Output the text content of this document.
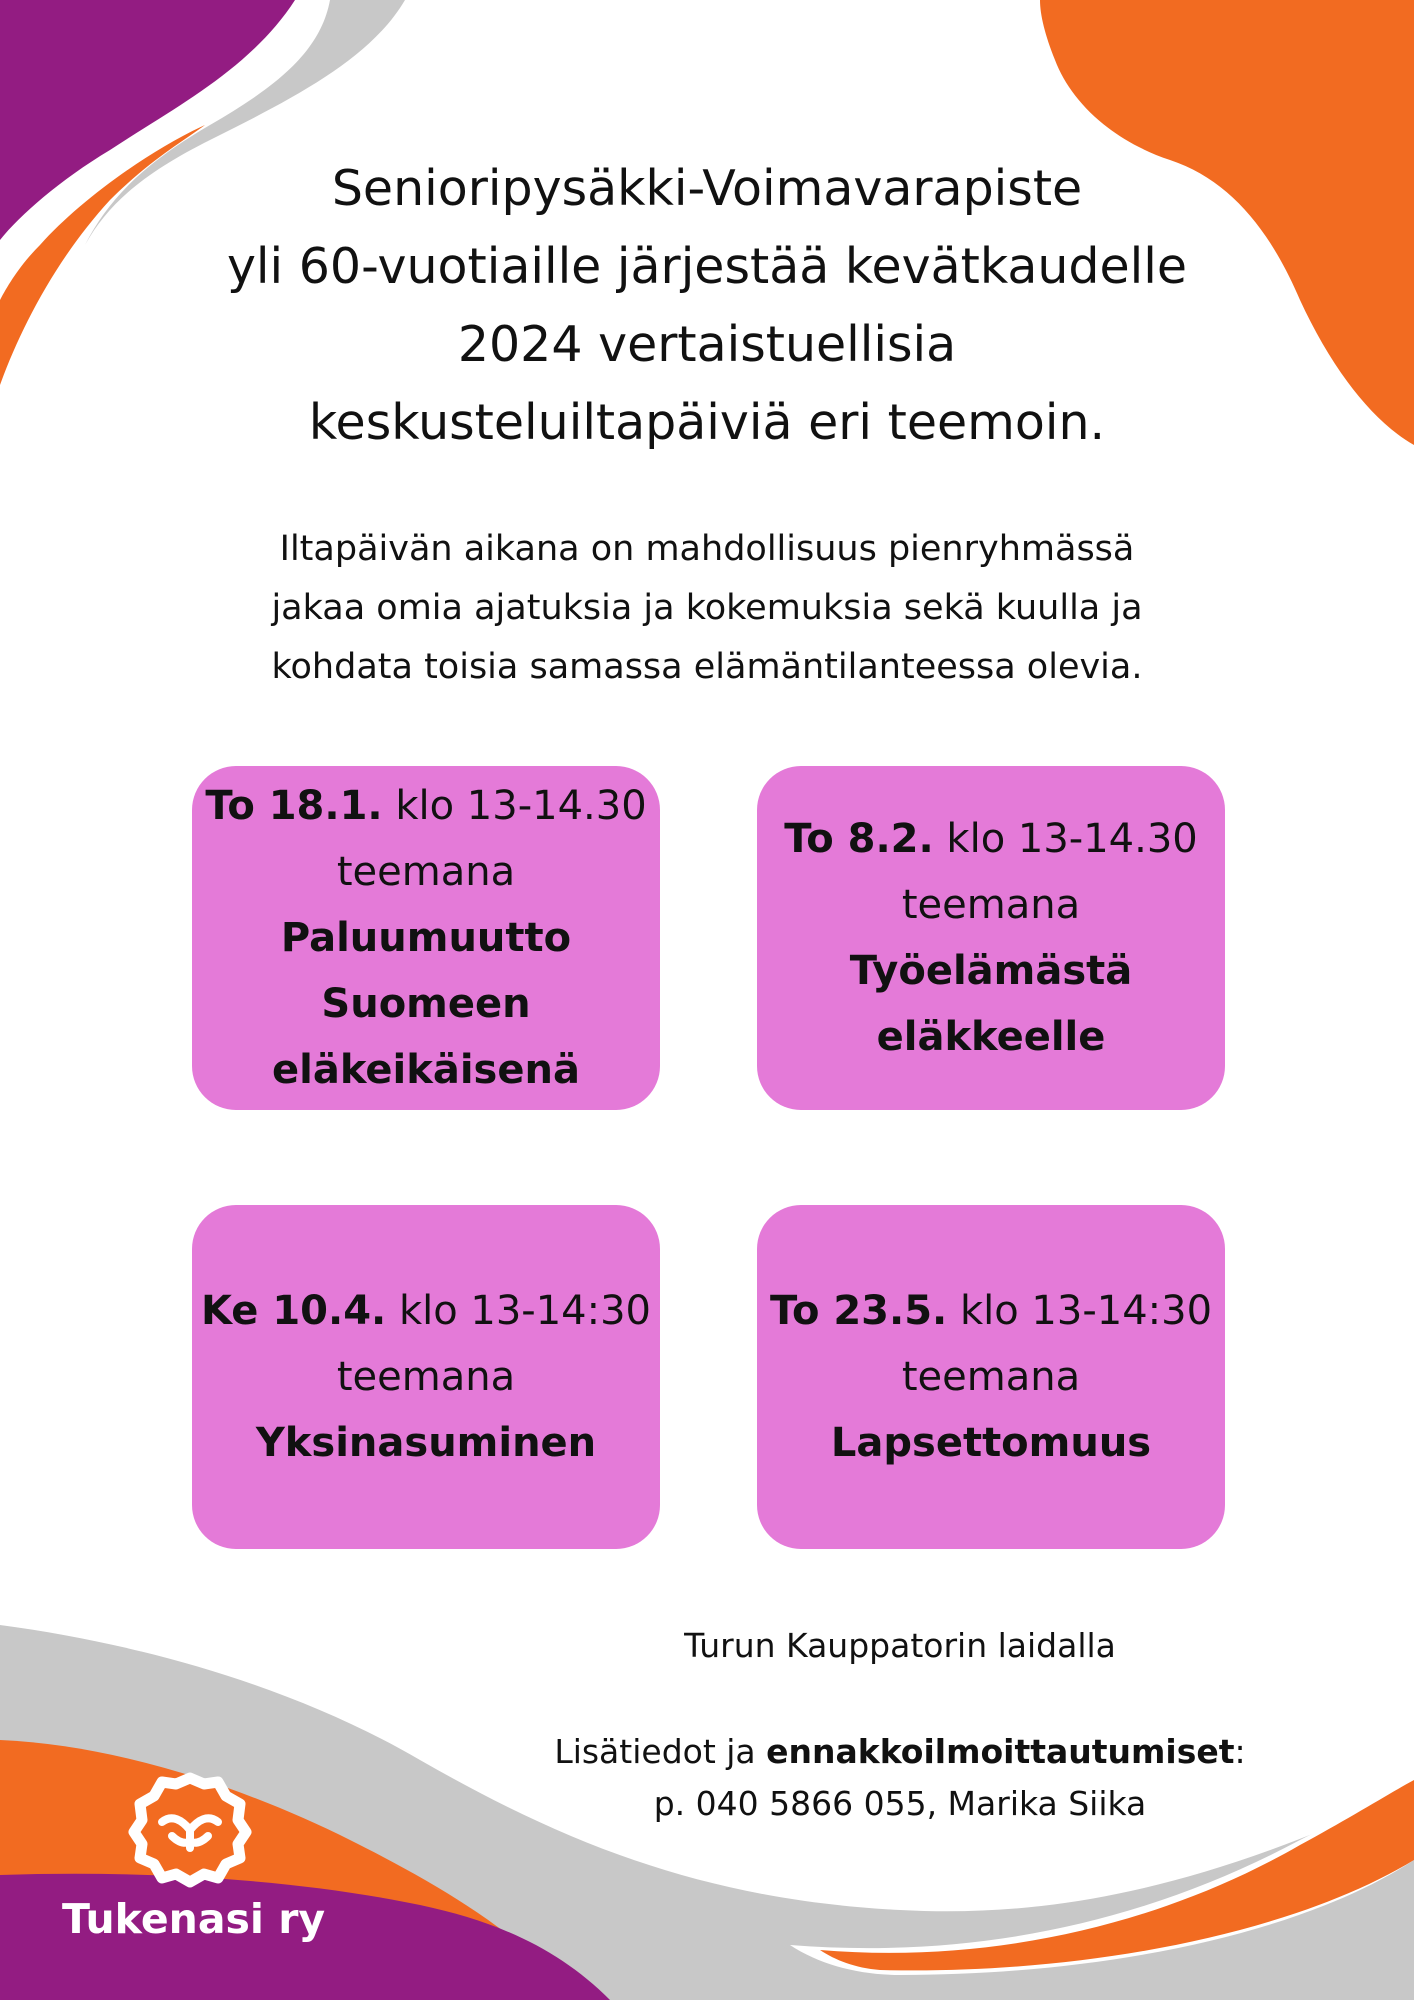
Senioripysäkki-Voimavarapiste
yli 60-vuotiaille järjestää kevätkaudelle
2024 vertaistuellisia
keskusteluiltapäiviä eri teemoin.

Iltapäivän aikana on mahdollisuus pienryhmässä
jakaa omia ajatuksia ja kokemuksia sekä kuulla ja
kohdata toisia samassa elämäntilanteessa olevia.

To 18.1. klo 13-14.30
teemana
Paluumuutto
Suomeen
eläkeikäisenä
To 8.2. klo 13-14.30
teemana
Työelämästä
eläkkeelle
Ke 10.4. klo 13-14:30
teemana
Yksinasuminen
To 23.5. klo 13-14:30
teemana
Lapsettomuus
Turun Kauppatorin laidalla
Lisätiedot ja ennakkoilmoittautumiset:
p. 040 5866 055, Marika Siika
Tukenasi ry
